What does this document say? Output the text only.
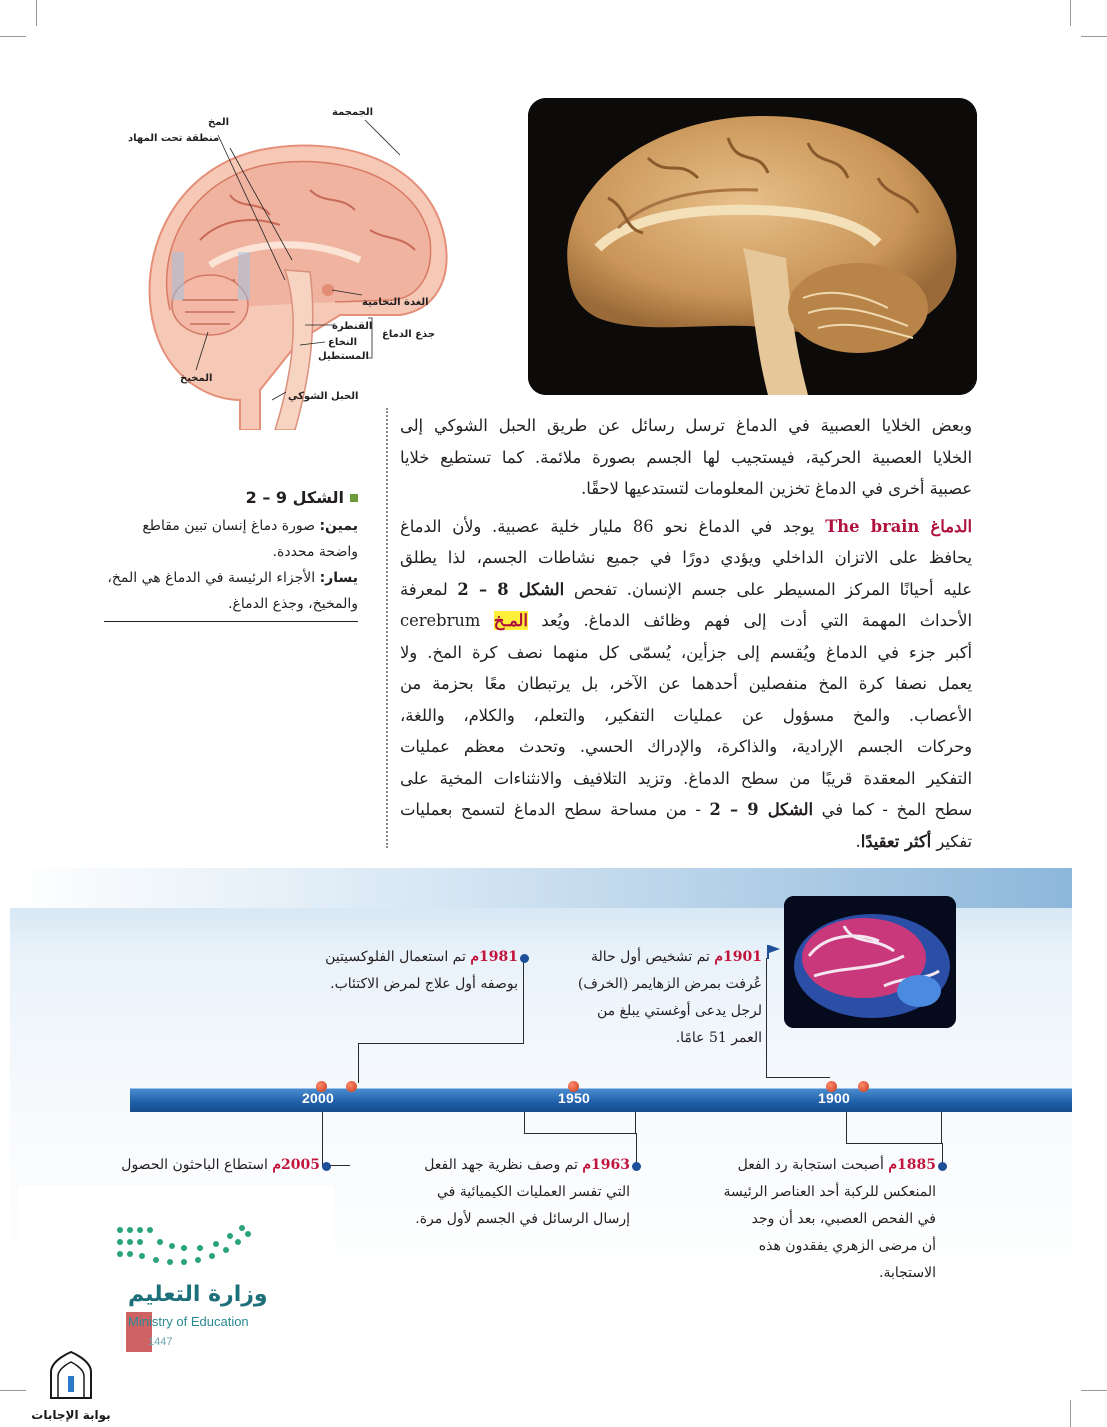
الجمجمة
المخ
منطقة تحت المهاد
الغدة النخامية
القنطرة
جذع الدماغ
النخاع
المستطيل
المخيخ
الحبل الشوكي
الشكل 9 – 2
يمين: صورة دماغ إنسان تبين مقاطع
واضحة محددة.
يسار: الأجزاء الرئيسة في الدماغ هي المخ،
والمخيخ، وجذع الدماغ.
وبعض الخلايا العصبية في الدماغ ترسل رسائل عن طريق الحبل الشوكي إلى
الخلايا العصبية الحركية، فيستجيب لها الجسم بصورة ملائمة. كما تستطيع خلايا
عصبية أخرى في الدماغ تخزين المعلومات لتستدعيها لاحقًا.
الدماغ The brain يوجد في الدماغ نحو 86 مليار خلية عصبية. ولأن الدماغ
يحافظ على الاتزان الداخلي ويؤدي دورًا في جميع نشاطات الجسم، لذا يطلق
عليه أحيانًا المركز المسيطر على جسم الإنسان. تفحص الشكل 8 – 2 لمعرفة
الأحداث المهمة التي أدت إلى فهم وظائف الدماغ. ويُعد المـخ cerebrum
أكبر جزء في الدماغ ويُقسم إلى جزأين، يُسمّى كل منهما نصف كرة المخ. ولا
يعمل نصفا كرة المخ منفصلين أحدهما عن الآخر، بل يرتبطان معًا بحزمة من
الأعصاب. والمخ مسؤول عن عمليات التفكير، والتعلم، والكلام، واللغة،
وحركات الجسم الإرادية، والذاكرة، والإدراك الحسي. وتحدث معظم عمليات
التفكير المعقدة قريبًا من سطح الدماغ. وتزيد التلافيف والانثناءات المخية على
سطح المخ - كما في الشكل 9 – 2 - من مساحة سطح الدماغ لتسمح بعمليات
تفكير أكثر تعقيدًا.
2000	1950	1900
1981م تم استعمال الفلوكسيتين
بوصفه أول علاج لمرض الاكتئاب.
1901م تم تشخيص أول حالة
عُرفت بمرض الزهايمر (الخرف)
لرجل يدعى أوغستي يبلغ من
العمر 51 عامًا.
2005م استطاع الباحثون الحصول	1963م تم وصف نظرية جهد الفعل
التي تفسر العمليات الكيميائية في
إرسال الرسائل في الجسم لأول مرة.
1885م أصبحت استجابة رد الفعل
المنعكس للركبة أحد العناصر الرئيسة
في الفحص العصبي، بعد أن وجد
أن مرضى الزهري يفقدون هذه
الاستجابة.
وزارة التعليم
Ministry of Education
1447
بوابة الإجابات
